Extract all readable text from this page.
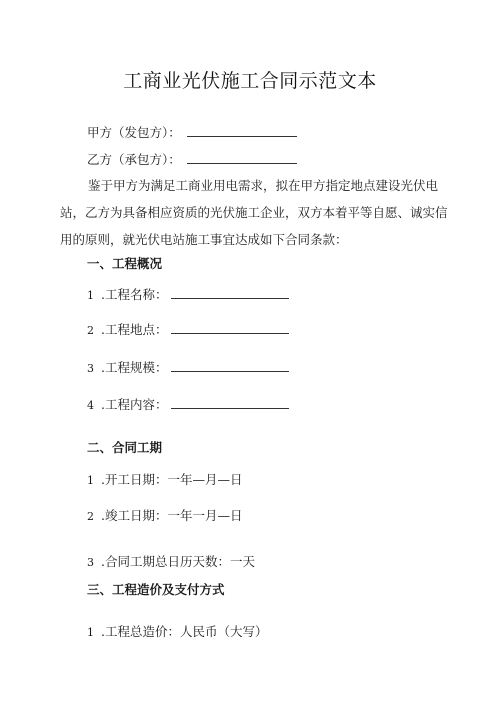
工商业光伏施工合同示范文本
甲方（发包方）：
乙方（承包方）：
鉴于甲方为满足工商业用电需求，拟在甲方指定地点建设光伏电站，乙方为具备相应资质的光伏施工企业，双方本着平等自愿、诚实信用的原则，就光伏电站施工事宜达成如下合同条款：
一、工程概况
1 .工程名称：
2 .工程地点：
3 .工程规模：
4 .工程内容：
二、合同工期
1 .开工日期：一年—月—日
2 .竣工日期：一年一月—日
3 .合同工期总日历天数：一天
三、工程造价及支付方式
1 .工程总造价：人民币（大写）
